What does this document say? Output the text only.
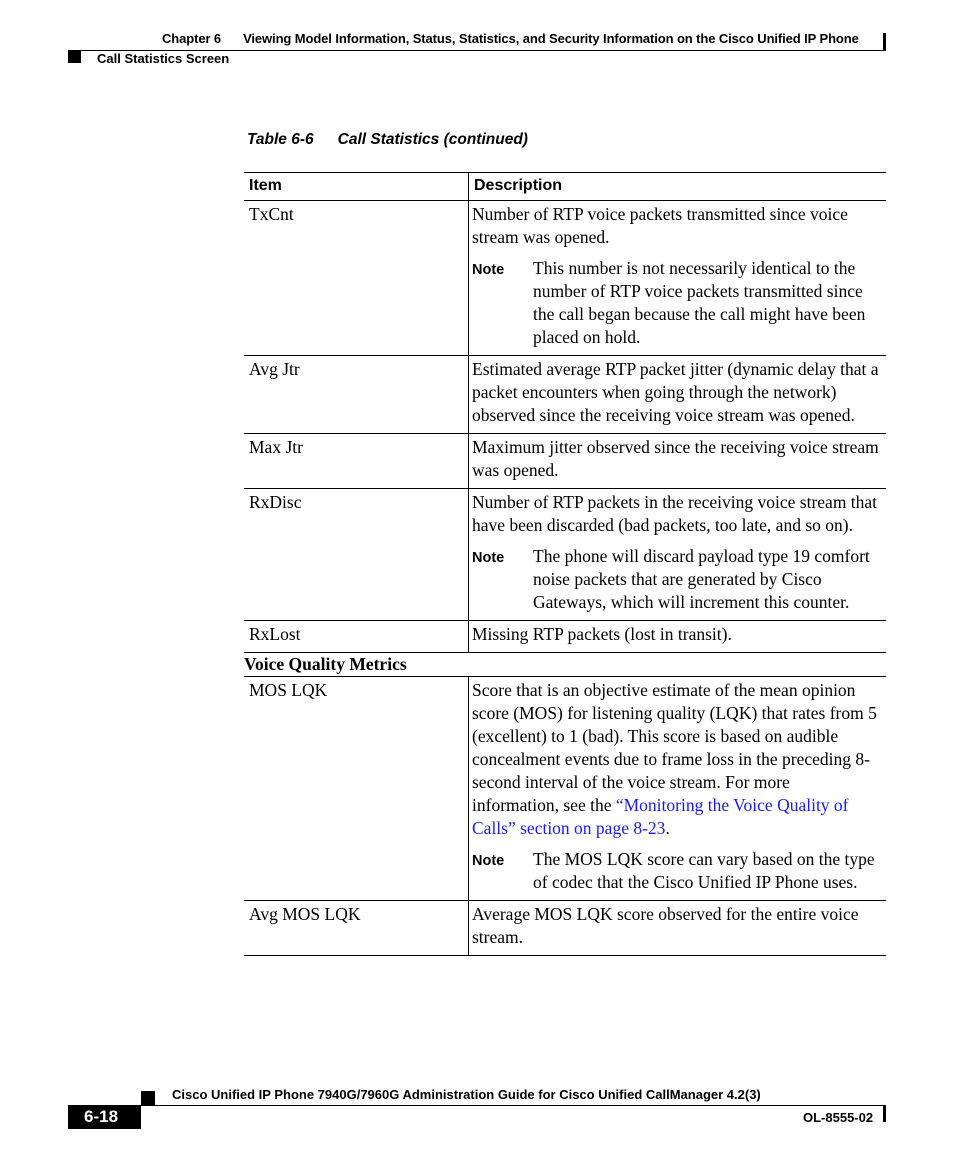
Chapter 6 Viewing Model Information, Status, Statistics, and Security Information on the Cisco Unified IP Phone
Call Statistics Screen
Table 6-6 Call Statistics (continued)
Item	Description
TxCnt	Number of RTP voice packets transmitted since voice stream was opened.

Note This number is not necessarily identical to the number of RTP voice packets transmitted since the call began because the call might have been placed on hold.

Avg Jtr	Estimated average RTP packet jitter (dynamic delay that a packet encounters when going through the network) observed since the receiving voice stream was opened.
Max Jtr	Maximum jitter observed since the receiving voice stream was opened.
RxDisc	Number of RTP packets in the receiving voice stream that have been discarded (bad packets, too late, and so on).

Note The phone will discard payload type 19 comfort noise packets that are generated by Cisco Gateways, which will increment this counter.

RxLost	Missing RTP packets (lost in transit).
Voice Quality Metrics	
MOS LQK	Score that is an objective estimate of the mean opinion score (MOS) for listening quality (LQK) that rates from 5 (excellent) to 1 (bad). This score is based on audible concealment events due to frame loss in the preceding 8-second interval of the voice stream. For more information, see the “Monitoring the Voice Quality of Calls” section on page 8-23.

Note The MOS LQK score can vary based on the type of codec that the Cisco Unified IP Phone uses.

Avg MOS LQK	Average MOS LQK score observed for the entire voice stream.
Cisco Unified IP Phone 7940G/7960G Administration Guide for Cisco Unified CallManager 4.2(3)
6-18	OL-8555-02
